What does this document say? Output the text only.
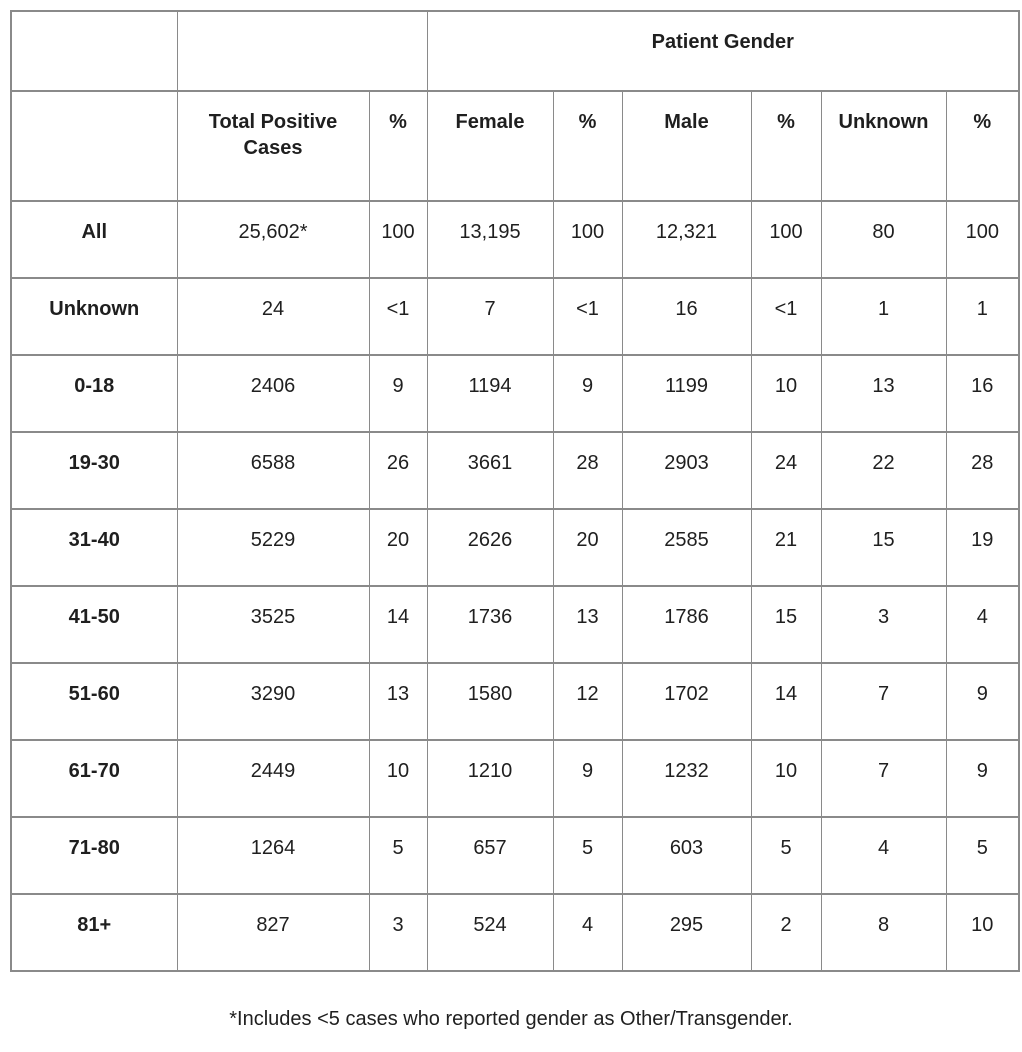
			Patient Gender					
	Total Positive Cases	%	Female	%	Male	%	Unknown	%
All	25,602*	100	13,195	100	12,321	100	80	100
Unknown	24	<1	7	<1	16	<1	1	1
0-18	2406	9	1194	9	1199	10	13	16
19-30	6588	26	3661	28	2903	24	22	28
31-40	5229	20	2626	20	2585	21	15	19
41-50	3525	14	1736	13	1786	15	3	4
51-60	3290	13	1580	12	1702	14	7	9
61-70	2449	10	1210	9	1232	10	7	9
71-80	1264	5	657	5	603	5	4	5
81+	827	3	524	4	295	2	8	10

*Includes <5 cases who reported gender as Other/Transgender.
